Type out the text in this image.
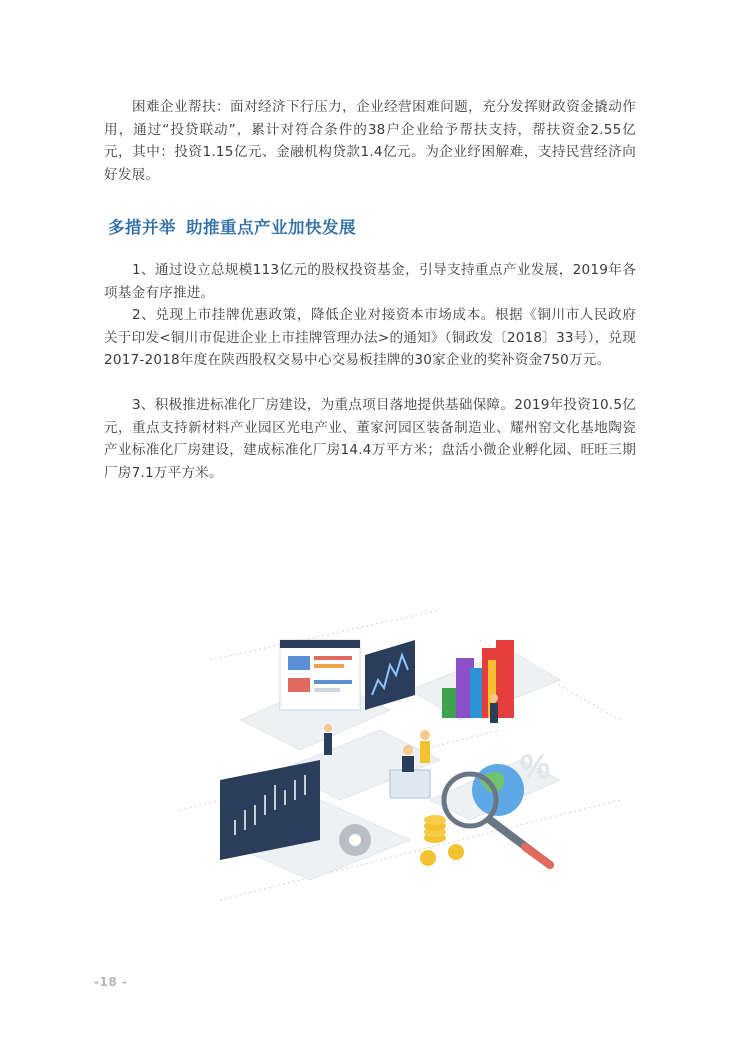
困难企业帮扶：面对经济下行压力，企业经营困难问题，充分发挥财政资金撬动作用，通过“投贷联动”，累计对符合条件的38户企业给予帮扶支持，帮扶资金2.55亿元，其中：投资1.15亿元、金融机构贷款1.4亿元。为企业纾困解难，支持民营经济向好发展。

多措并举 助推重点产业加快发展

1、通过设立总规模113亿元的股权投资基金，引导支持重点产业发展，2019年各项基金有序推进。

2、兑现上市挂牌优惠政策，降低企业对接资本市场成本。根据《铜川市人民政府关于印发<铜川市促进企业上市挂牌管理办法>的通知》（铜政发〔2018〕33号），兑现2017-2018年度在陕西股权交易中心交易板挂牌的30家企业的奖补资金750万元。

3、积极推进标准化厂房建设，为重点项目落地提供基础保障。2019年投资10.5亿元，重点支持新材料产业园区光电产业、董家河园区装备制造业、耀州窑文化基地陶瓷产业标准化厂房建设，建成标准化厂房14.4万平方米；盘活小微企业孵化园、旺旺三期厂房7.1万平方米。

%
-18 -
